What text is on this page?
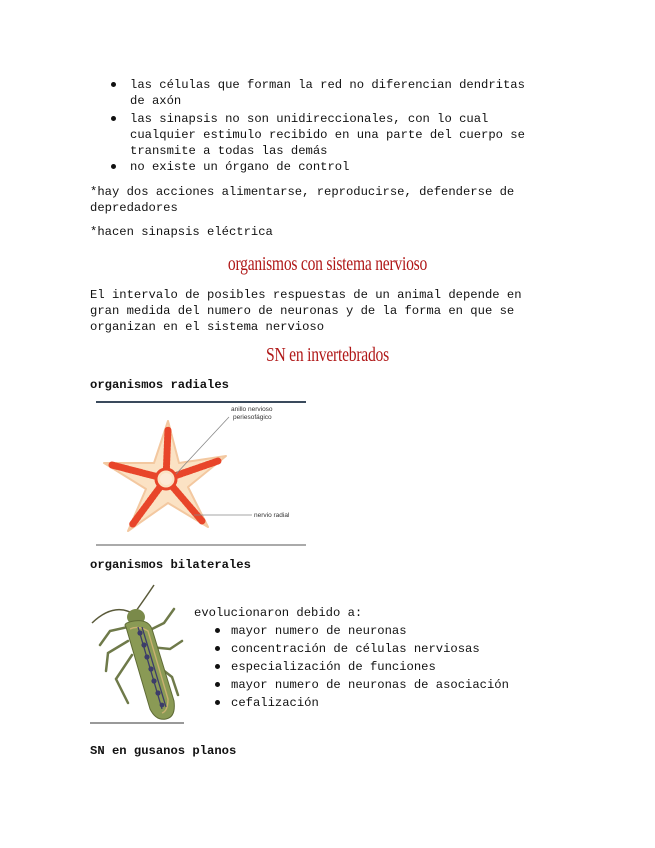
las células que forman la red no diferencian dendritas
de axón
las sinapsis no son unidireccionales, con lo cual
cualquier estimulo recibido en una parte del cuerpo se
transmite a todas las demás
no existe un órgano de control
*hay dos acciones alimentarse, reproducirse, defenderse de
depredadores
*hacen sinapsis eléctrica
organismos con sistema nervioso
El intervalo de posibles respuestas de un animal depende en
gran medida del numero de neuronas y de la forma en que se
organizan en el sistema nervioso
SN en invertebrados
organismos radiales
anillo nervioso
periesofágico
nervio radial
organismos bilaterales
evolucionaron debido a:
mayor numero de neuronas
concentración de células nerviosas
especialización de funciones
mayor numero de neuronas de asociación
cefalización
SN en gusanos planos
